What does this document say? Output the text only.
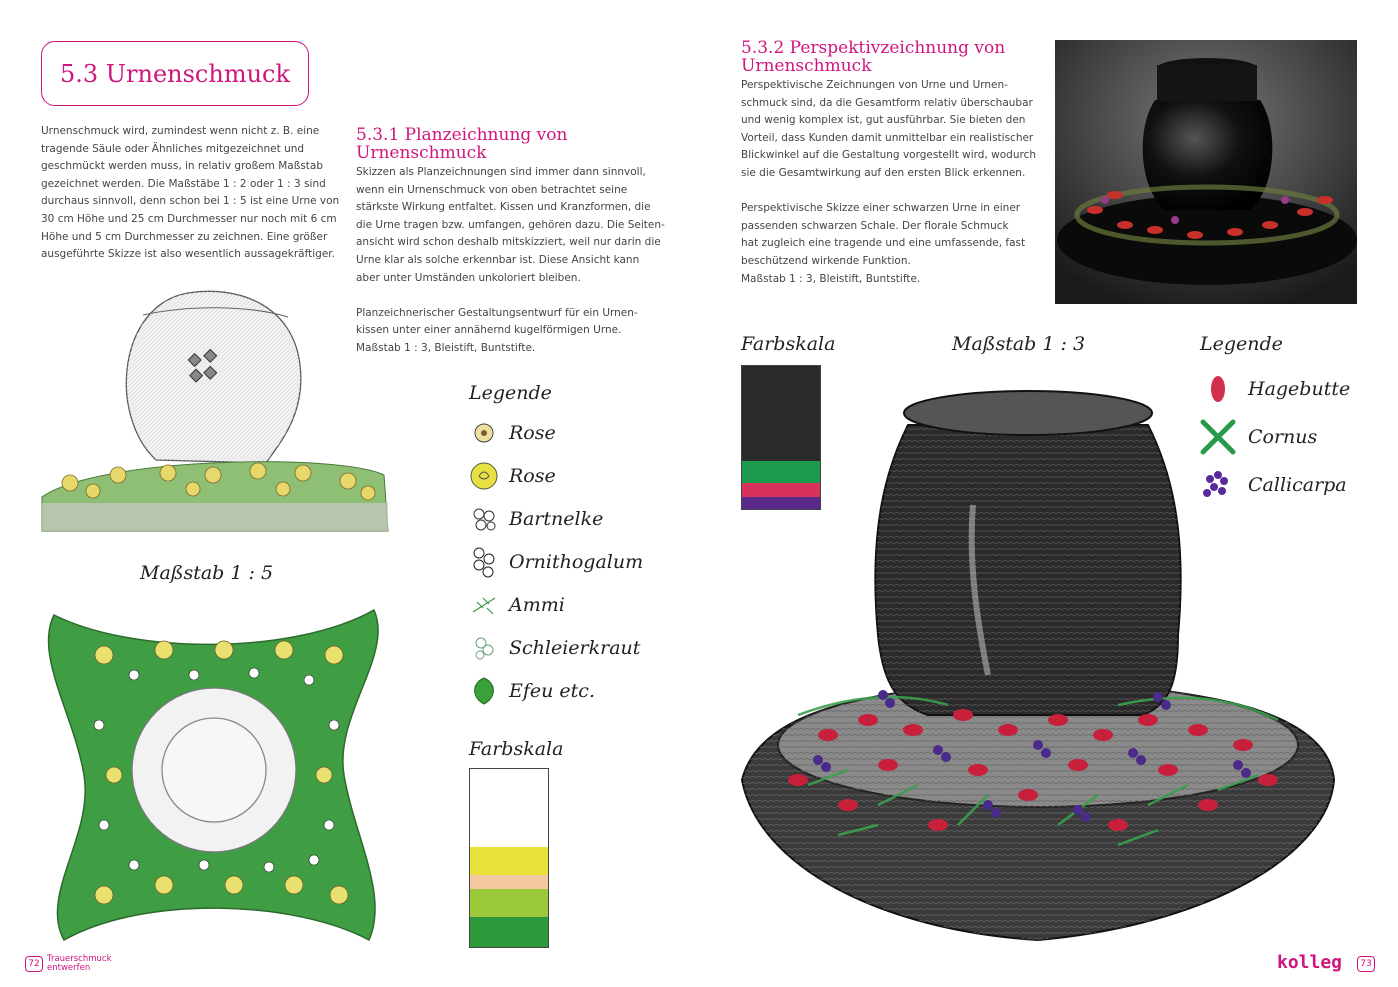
5.3 Urnenschmuck

Urnenschmuck wird, zumindest wenn nicht z. B. eine

tragende Säule oder Ähnliches mitgezeichnet und

geschmückt werden muss, in relativ großem Maßstab

gezeichnet werden. Die Maßstäbe 1 : 2 oder 1 : 3 sind

durchaus sinnvoll, denn schon bei 1 : 5 ist eine Urne von

30 cm Höhe und 25 cm Durchmesser nur noch mit 6 cm

Höhe und 5 cm Durchmesser zu zeichnen. Eine größer

ausgeführte Skizze ist also wesentlich aussagekräftiger.

5.3.1 Planzeichnung von
Urnenschmuck

Skizzen als Planzeichnungen sind immer dann sinnvoll,

wenn ein Urnenschmuck von oben betrachtet seine

stärkste Wirkung entfaltet. Kissen und Kranzformen, die

die Urne tragen bzw. umfangen, gehören dazu. Die Seiten-

ansicht wird schon deshalb mitskizziert, weil nur darin die

Urne klar als solche erkennbar ist. Diese Ansicht kann

aber unter Umständen unkoloriert bleiben.

Planzeichnerischer Gestaltungsentwurf für ein Urnen-

kissen unter einer annähernd kugelförmigen Urne.

Maßstab 1 : 3, Bleistift, Buntstifte.

Maßstab 1 : 5
Legende
Rose
Rose
Bartnelke
Ornithogalum
Ammi
Schleierkraut
Efeu etc.
Farbskala
72 Trauerschmuck
entwerfen
5.3.2 Perspektivzeichnung von
Urnenschmuck

Perspektivische Zeichnungen von Urne und Urnen-

schmuck sind, da die Gesamtform relativ überschaubar

und wenig komplex ist, gut ausführbar. Sie bieten den

Vorteil, dass Kunden damit unmittelbar ein realistischer

Blickwinkel auf die Gestaltung vorgestellt wird, wodurch

sie die Gesamtwirkung auf den ersten Blick erkennen.

Perspektivische Skizze einer schwarzen Urne in einer

passenden schwarzen Schale. Der florale Schmuck

hat zugleich eine tragende und eine umfassende, fast

beschützend wirkende Funktion.

Maßstab 1 : 3, Bleistift, Buntstifte.

Farbskala	Maßstab 1 : 3	Legende
Hagebutte
Cornus
Callicarpa
kolleg	73
